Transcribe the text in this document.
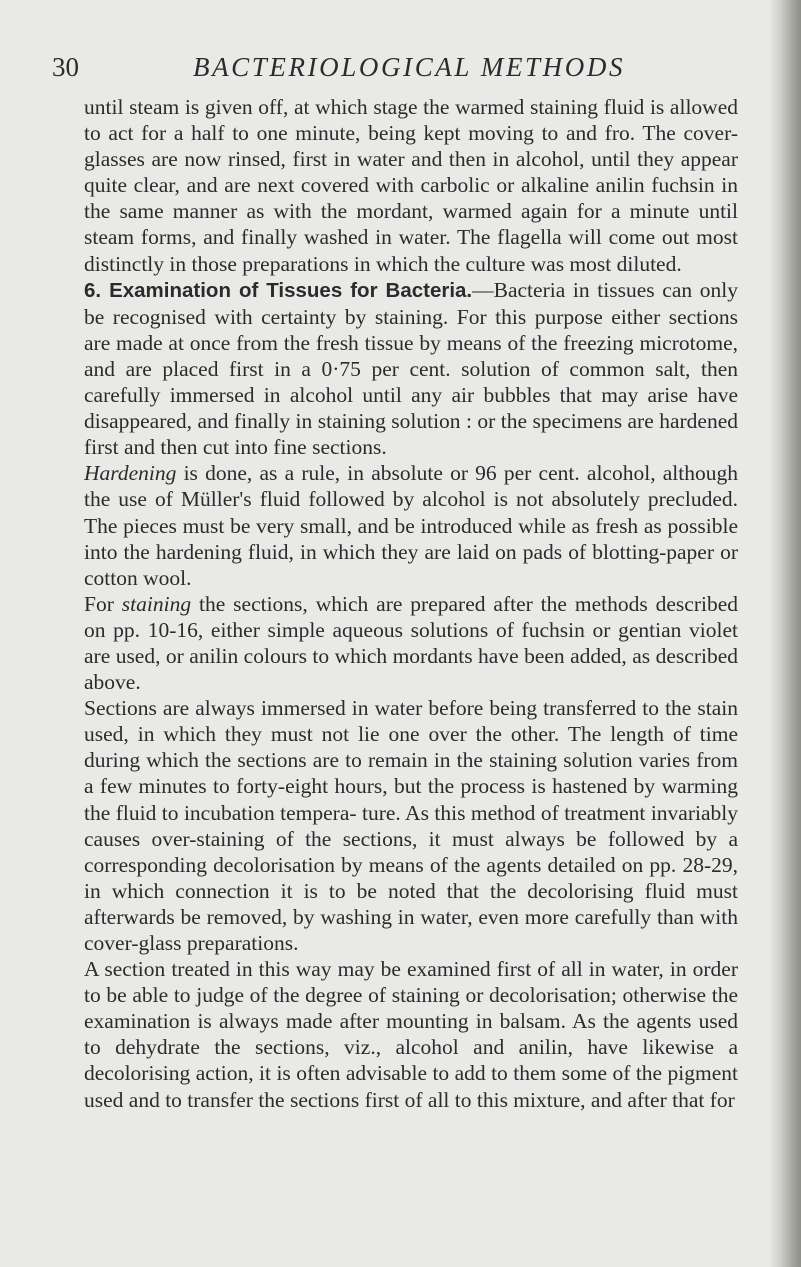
30	BACTERIOLOGICAL METHODS

until steam is given off, at which stage the warmed staining fluid is allowed to act for a half to one minute, being kept moving to and fro. The cover-glasses are now rinsed, first in water and then in alcohol, until they appear quite clear, and are next covered with carbolic or alkaline anilin fuchsin in the same manner as with the mordant, warmed again for a minute until steam forms, and finally washed in water. The flagella will come out most distinctly in those preparations in which the culture was most diluted.

6. Examination of Tissues for Bacteria.—Bacteria in tissues can only be recognised with certainty by staining. For this purpose either sections are made at once from the fresh tissue by means of the freezing microtome, and are placed first in a 0·75 per cent. solution of common salt, then carefully immersed in alcohol until any air bubbles that may arise have disappeared, and finally in staining solution : or the specimens are hardened first and then cut into fine sections.

Hardening is done, as a rule, in absolute or 96 per cent. alcohol, although the use of Müller's fluid followed by alcohol is not absolutely precluded. The pieces must be very small, and be introduced while as fresh as possible into the hardening fluid, in which they are laid on pads of blotting-paper or cotton wool.

For staining the sections, which are prepared after the methods described on pp. 10-16, either simple aqueous solutions of fuchsin or gentian violet are used, or anilin colours to which mordants have been added, as described above.

Sections are always immersed in water before being transferred to the stain used, in which they must not lie one over the other. The length of time during which the sections are to remain in the staining solution varies from a few minutes to forty-eight hours, but the process is hastened by warming the fluid to incubation tempera- ture. As this method of treatment invariably causes over-staining of the sections, it must always be followed by a corresponding decolorisation by means of the agents detailed on pp. 28-29, in which connection it is to be noted that the decolorising fluid must afterwards be removed, by washing in water, even more carefully than with cover-glass preparations.

A section treated in this way may be examined first of all in water, in order to be able to judge of the degree of staining or decolorisation; otherwise the examination is always made after mounting in balsam. As the agents used to dehydrate the sections, viz., alcohol and anilin, have likewise a decolorising action, it is often advisable to add to them some of the pigment used and to transfer the sections first of all to this mixture, and after that for
